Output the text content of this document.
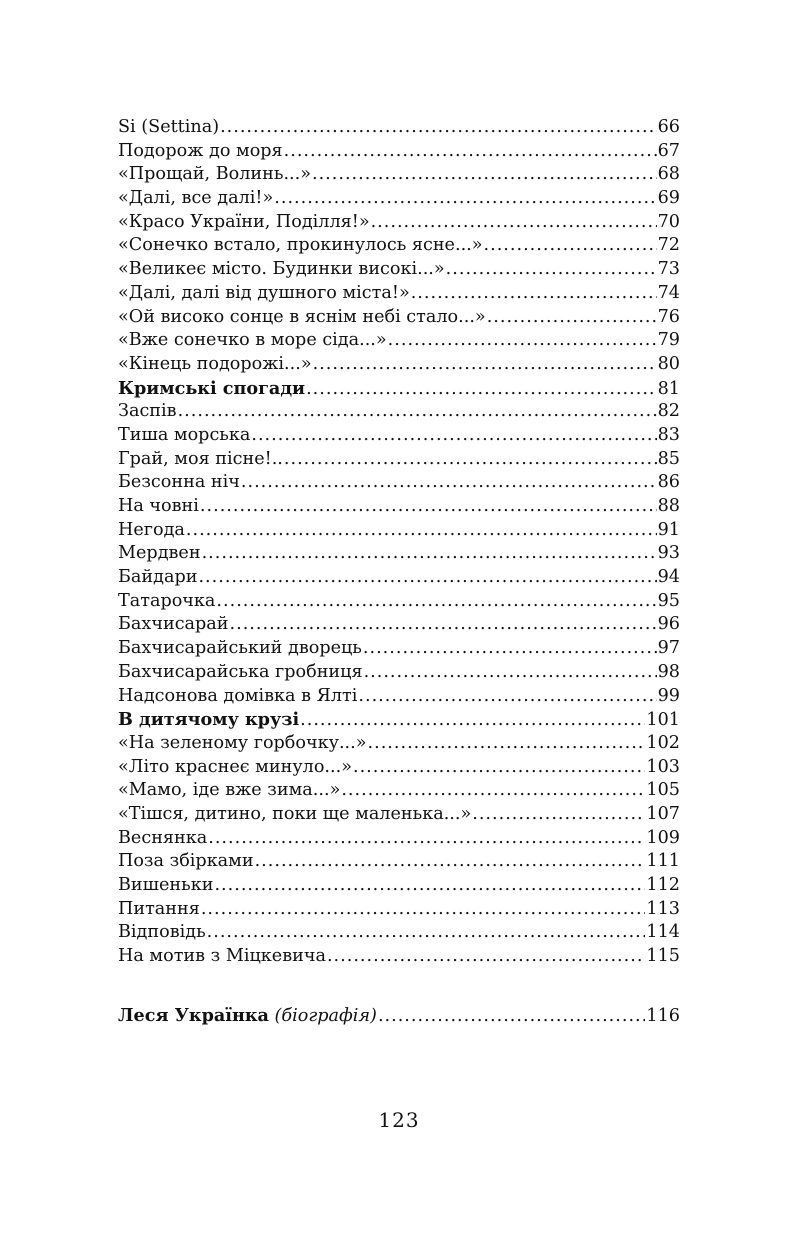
Si (Settina) .....	66
Подорож до моря .....	67
«Прощай, Волинь...» .....	68
«Далі, все далі!» .....	69
«Красо України, Поділля!» .....	70
«Сонечко встало, прокинулось ясне...» .....	72
«Великеє місто. Будинки високі...» .....	73
«Далі, далі від душного міста!» .....	74
«Ой високо сонце в яснім небі стало...» .....	76
«Вже сонечко в море сіда...» .....	79
«Кінець подорожі...» .....	80
Кримські спогади .....	81
Заспів .....	82
Тиша морська .....	83
Грай, моя пісне!.. .....	85
Безсонна ніч .....	86
На човні .....	88
Негода .....	91
Мердвен .....	93
Байдари .....	94
Татарочка .....	95
Бахчисарай .....	96
Бахчисарайський дворець .....	97
Бахчисарайська гробниця .....	98
Надсонова домівка в Ялті .....	99
В дитячому крузі .....	101
«На зеленому горбочку...» .....	102
«Літо краснеє минуло...» .....	103
«Мамо, іде вже зима...» .....	105
«Тішся, дитино, поки ще маленька...» .....	107
Веснянка .....	109
Поза збірками .....	111
Вишеньки .....	112
Питання .....	113
Відповідь .....	114
На мотив з Міцкевича .....	115
Леся Українка (біографія) .....	116
123
